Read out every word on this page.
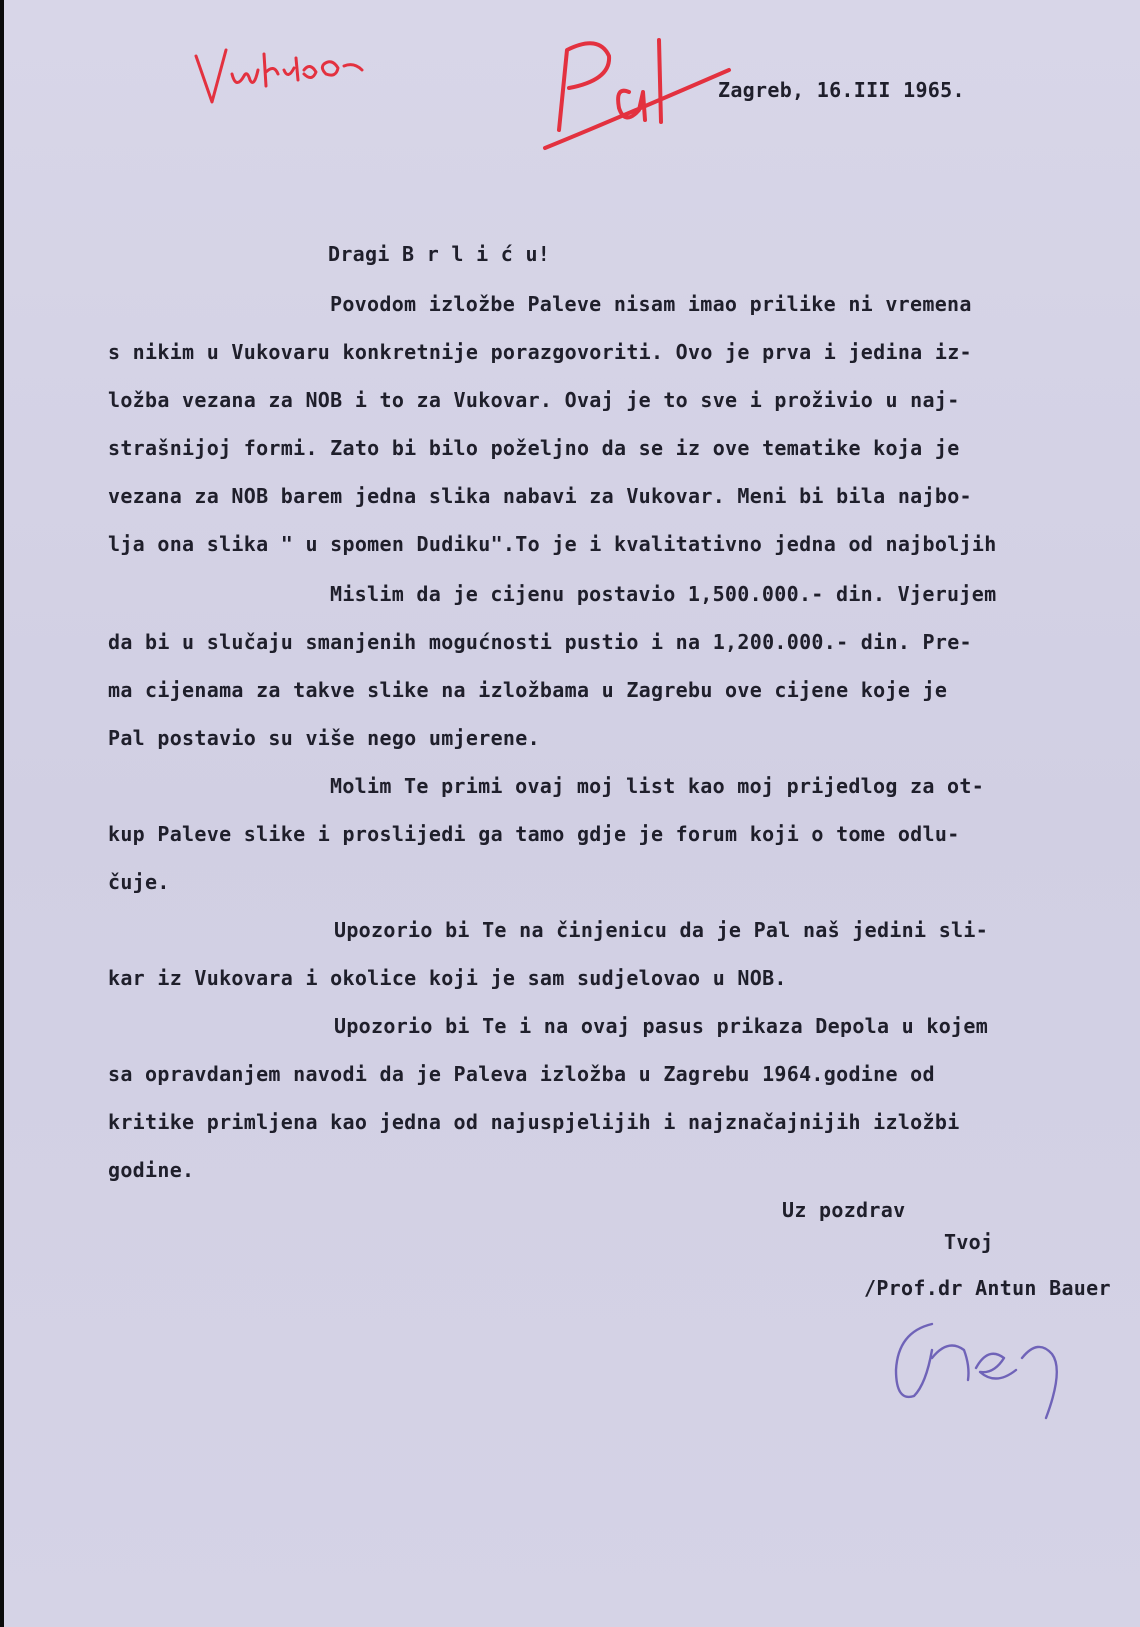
Zagreb, 16.III 1965.
Dragi B r l i ć u!
Povodom izložbe Paleve nisam imao prilike ni vremena
s nikim u Vukovaru konkretnije porazgovoriti. Ovo je prva i jedina iz-
ložba vezana za NOB i to za Vukovar. Ovaj je to sve i proživio u naj-
strašnijoj formi. Zato bi bilo poželjno da se iz ove tematike koja je
vezana za NOB barem jedna slika nabavi za Vukovar. Meni bi bila najbo-
lja ona slika " u spomen Dudiku".To je i kvalitativno jedna od najboljih
Mislim da je cijenu postavio 1,500.000.- din. Vjerujem
da bi u slučaju smanjenih mogućnosti pustio i na 1,200.000.- din. Pre-
ma cijenama za takve slike na izložbama u Zagrebu ove cijene koje je
Pal postavio su više nego umjerene.
Molim Te primi ovaj moj list kao moj prijedlog za ot-
kup Paleve slike i proslijedi ga tamo gdje je forum koji o tome odlu-
čuje.
Upozorio bi Te na činjenicu da je Pal naš jedini sli-
kar iz Vukovara i okolice koji je sam sudjelovao u NOB.
Upozorio bi Te i na ovaj pasus prikaza Depola u kojem
sa opravdanjem navodi da je Paleva izložba u Zagrebu 1964.godine od
kritike primljena kao jedna od najuspjelijih i najznačajnijih izložbi
godine.
Uz pozdrav
Tvoj
/Prof.dr Antun Bauer
